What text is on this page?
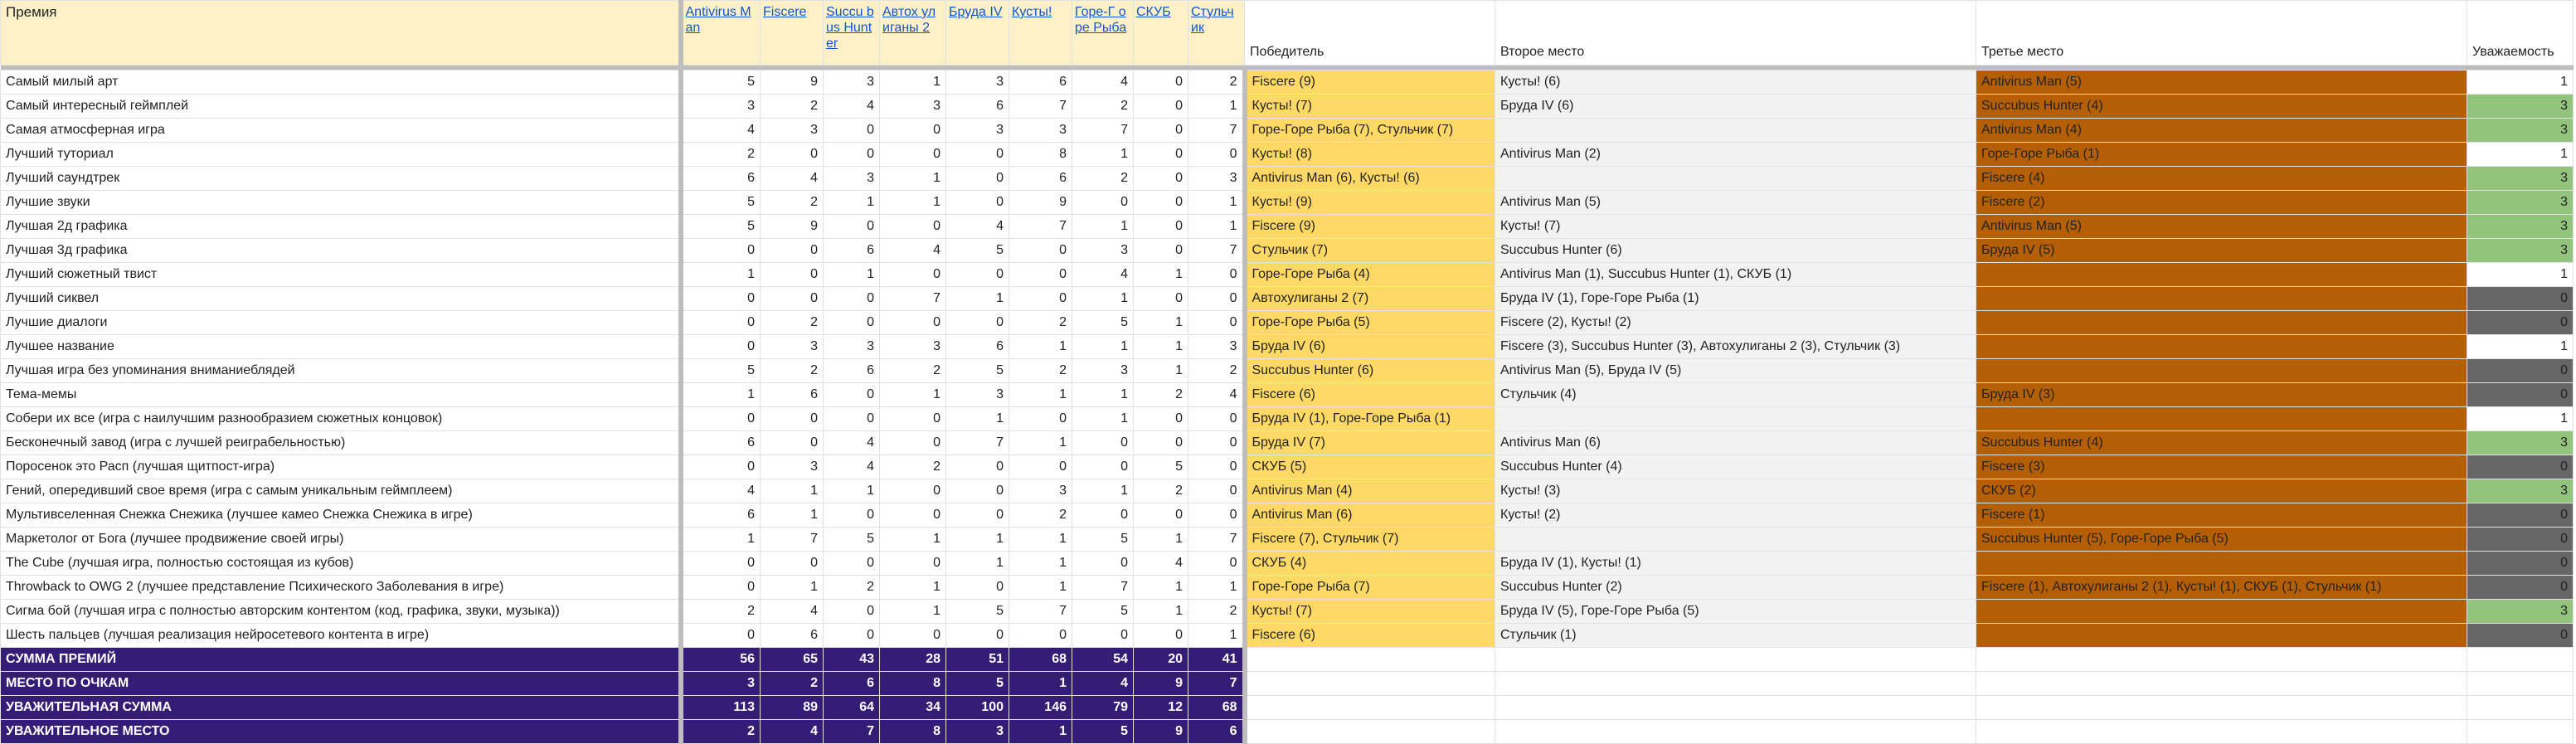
Премия	Antivirus Man	Fiscere	Succu bus Hunter	Автох улиганы 2	Бруда IV	Кусты!	Горе-Г оре Рыба	СКУБ	Стульч ик	Победитель	Второе место	Третье место	Уважаемость

Самый милый арт	5	9	3	1	3	6	4	0	2	Fiscere (9)	Кусты! (6)	Antivirus Man (5)	1
Самый интересный геймплей	3	2	4	3	6	7	2	0	1	Кусты! (7)	Бруда IV (6)	Succubus Hunter (4)	3
Самая атмосферная игра	4	3	0	0	3	3	7	0	7	Горе-Горе Рыба (7), Стульчик (7)		Antivirus Man (4)	3
Лучший туториал	2	0	0	0	0	8	1	0	0	Кусты! (8)	Antivirus Man (2)	Горе-Горе Рыба (1)	1
Лучший саундтрек	6	4	3	1	0	6	2	0	3	Antivirus Man (6), Кусты! (6)		Fiscere (4)	3
Лучшие звуки	5	2	1	1	0	9	0	0	1	Кусты! (9)	Antivirus Man (5)	Fiscere (2)	3
Лучшая 2д графика	5	9	0	0	4	7	1	0	1	Fiscere (9)	Кусты! (7)	Antivirus Man (5)	3
Лучшая 3д графика	0	0	6	4	5	0	3	0	7	Стульчик (7)	Succubus Hunter (6)	Бруда IV (5)	3
Лучший сюжетный твист	1	0	1	0	0	0	4	1	0	Горе-Горе Рыба (4)	Antivirus Man (1), Succubus Hunter (1), СКУБ (1)		1
Лучший сиквел	0	0	0	7	1	0	1	0	0	Автохулиганы 2 (7)	Бруда IV (1), Горе-Горе Рыба (1)		0
Лучшие диалоги	0	2	0	0	0	2	5	1	0	Горе-Горе Рыба (5)	Fiscere (2), Кусты! (2)		0
Лучшее название	0	3	3	3	6	1	1	1	3	Бруда IV (6)	Fiscere (3), Succubus Hunter (3), Автохулиганы 2 (3), Стульчик (3)		1
Лучшая игра без упоминания вниманиеблядей	5	2	6	2	5	2	3	1	2	Succubus Hunter (6)	Antivirus Man (5), Бруда IV (5)		0
Тема-мемы	1	6	0	1	3	1	1	2	4	Fiscere (6)	Стульчик (4)	Бруда IV (3)	0
Собери их все (игра с наилучшим разнообразием сюжетных концовок)	0	0	0	0	1	0	1	0	0	Бруда IV (1), Горе-Горе Рыба (1)			1
Бесконечный завод (игра с лучшей реиграбельностью)	6	0	4	0	7	1	0	0	0	Бруда IV (7)	Antivirus Man (6)	Succubus Hunter (4)	3
Поросенок это Расп (лучшая щитпост-игра)	0	3	4	2	0	0	0	5	0	СКУБ (5)	Succubus Hunter (4)	Fiscere (3)	0
Гений, опередивший свое время (игра с самым уникальным геймплеем)	4	1	1	0	0	3	1	2	0	Antivirus Man (4)	Кусты! (3)	СКУБ (2)	3
Мультивселенная Снежка Снежика (лучшее камео Снежка Снежика в игре)	6	1	0	0	0	2	0	0	0	Antivirus Man (6)	Кусты! (2)	Fiscere (1)	0
Маркетолог от Бога (лучшее продвижение своей игры)	1	7	5	1	1	1	5	1	7	Fiscere (7), Стульчик (7)		Succubus Hunter (5), Горе-Горе Рыба (5)	0
The Cube (лучшая игра, полностью состоящая из кубов)	0	0	0	0	1	1	0	4	0	СКУБ (4)	Бруда IV (1), Кусты! (1)		0
Throwback to OWG 2 (лучшее представление Психического Заболевания в игре)	0	1	2	1	0	1	7	1	1	Горе-Горе Рыба (7)	Succubus Hunter (2)	Fiscere (1), Автохулиганы 2 (1), Кусты! (1), СКУБ (1), Стульчик (1)	0
Сигма бой (лучшая игра с полностью авторским контентом (код, графика, звуки, музыка))	2	4	0	1	5	7	5	1	2	Кусты! (7)	Бруда IV (5), Горе-Горе Рыба (5)		3
Шесть пальцев (лучшая реализация нейросетевого контента в игре)	0	6	0	0	0	0	0	0	1	Fiscere (6)	Стульчик (1)		0
СУММА ПРЕМИЙ	56	65	43	28	51	68	54	20	41				
МЕСТО ПО ОЧКАМ	3	2	6	8	5	1	4	9	7				
УВАЖИТЕЛЬНАЯ СУММА	113	89	64	34	100	146	79	12	68				
УВАЖИТЕЛЬНОЕ МЕСТО	2	4	7	8	3	1	5	9	6				
